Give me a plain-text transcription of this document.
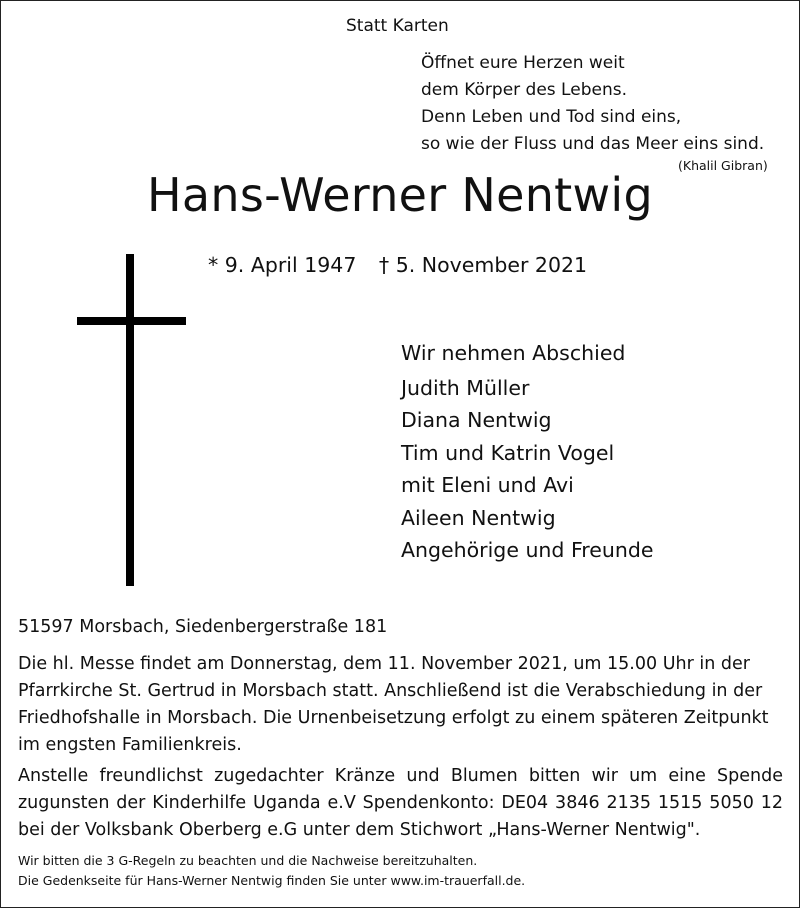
Statt Karten
Öffnet eure Herzen weit
dem Körper des Lebens.
Denn Leben und Tod sind eins,
so wie der Fluss und das Meer eins sind.
(Khalil Gibran)
Hans-Werner Nentwig
* 9. April 1947 † 5. November 2021
Wir nehmen Abschied
Judith Müller
Diana Nentwig
Tim und Katrin Vogel
mit Eleni und Avi
Aileen Nentwig
Angehörige und Freunde
51597 Morsbach, Siedenbergerstraße 181
Die hl. Messe findet am Donnerstag, dem 11. November 2021, um 15.00 Uhr in der Pfarrkirche St. Gertrud in Morsbach statt. Anschließend ist die Verabschiedung in der Friedhofshalle in Morsbach. Die Urnenbeisetzung erfolgt zu einem späteren Zeitpunkt im engsten Familienkreis.
Anstelle freundlichst zugedachter Kränze und Blumen bitten wir um eine Spende zugunsten der Kinderhilfe Uganda e.V Spendenkonto: DE04 3846 2135 1515 5050 12 bei der Volksbank Oberberg e.G unter dem Stichwort „Hans-Werner Nentwig".
Wir bitten die 3 G-Regeln zu beachten und die Nachweise bereitzuhalten.
Die Gedenkseite für Hans-Werner Nentwig finden Sie unter www.im-trauerfall.de.
